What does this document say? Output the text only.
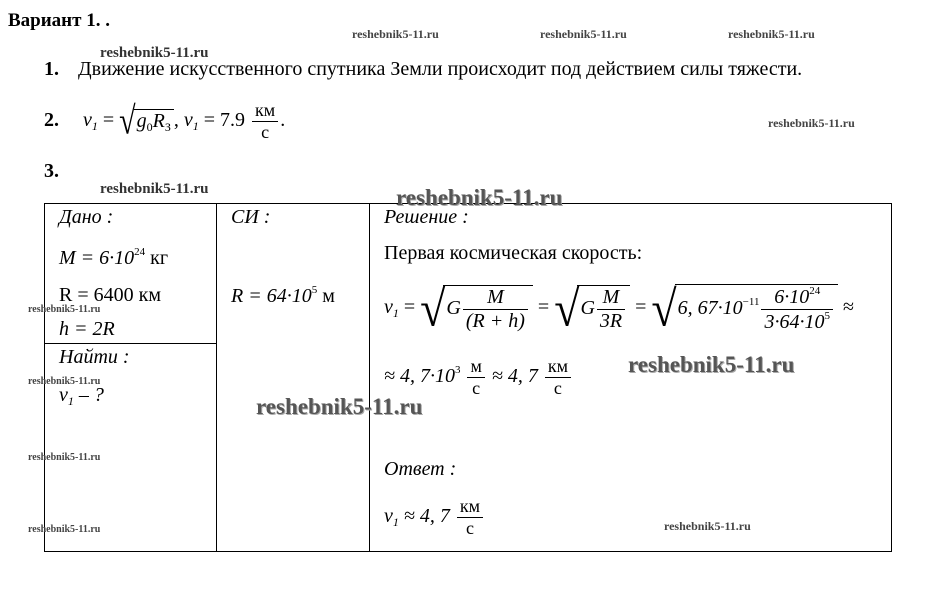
Вариант 1. .
1. Движение искусственного спутника Земли происходит под действием силы тяжести.
2. $v_1 = √g_0R_З$ , $v_1 = 7.9 \frac{км}{с}$ .
3.
Дано :
$M = 6\cdot 10^{24}$ кг
R = 6400 км
h = 2R

СИ :
$R = 64\cdot 10^5$ м

Решение :
Первая космическая скорость:
$v_1 = √G \frac{M}{(R + h)} = √G \frac{M}{3R} = √6$, $67\cdot 10^{-11} \frac{6\cdot 10^{24}}{3\cdot 64\cdot 10^5}$ ≈
≈ 4, $7\cdot 10^3 \frac{м}{с} \approx 4$, $7 \frac{км}{с}$
Ответ :
$v_1 \approx 4$, $7 \frac{км}{с}$

Найти :
$v_1$ – ?
reshebnik5-11.ru	reshebnik5-11.ru	reshebnik5-11.ru
reshebnik5-11.ru
reshebnik5-11.ru
reshebnik5-11.ru	reshebnik5-11.ru
reshebnik5-11.ru
reshebnik5-11.ru
reshebnik5-11.ru
reshebnik5-11.ru
reshebnik5-11.ru
reshebnik5-11.ru	reshebnik5-11.ru
